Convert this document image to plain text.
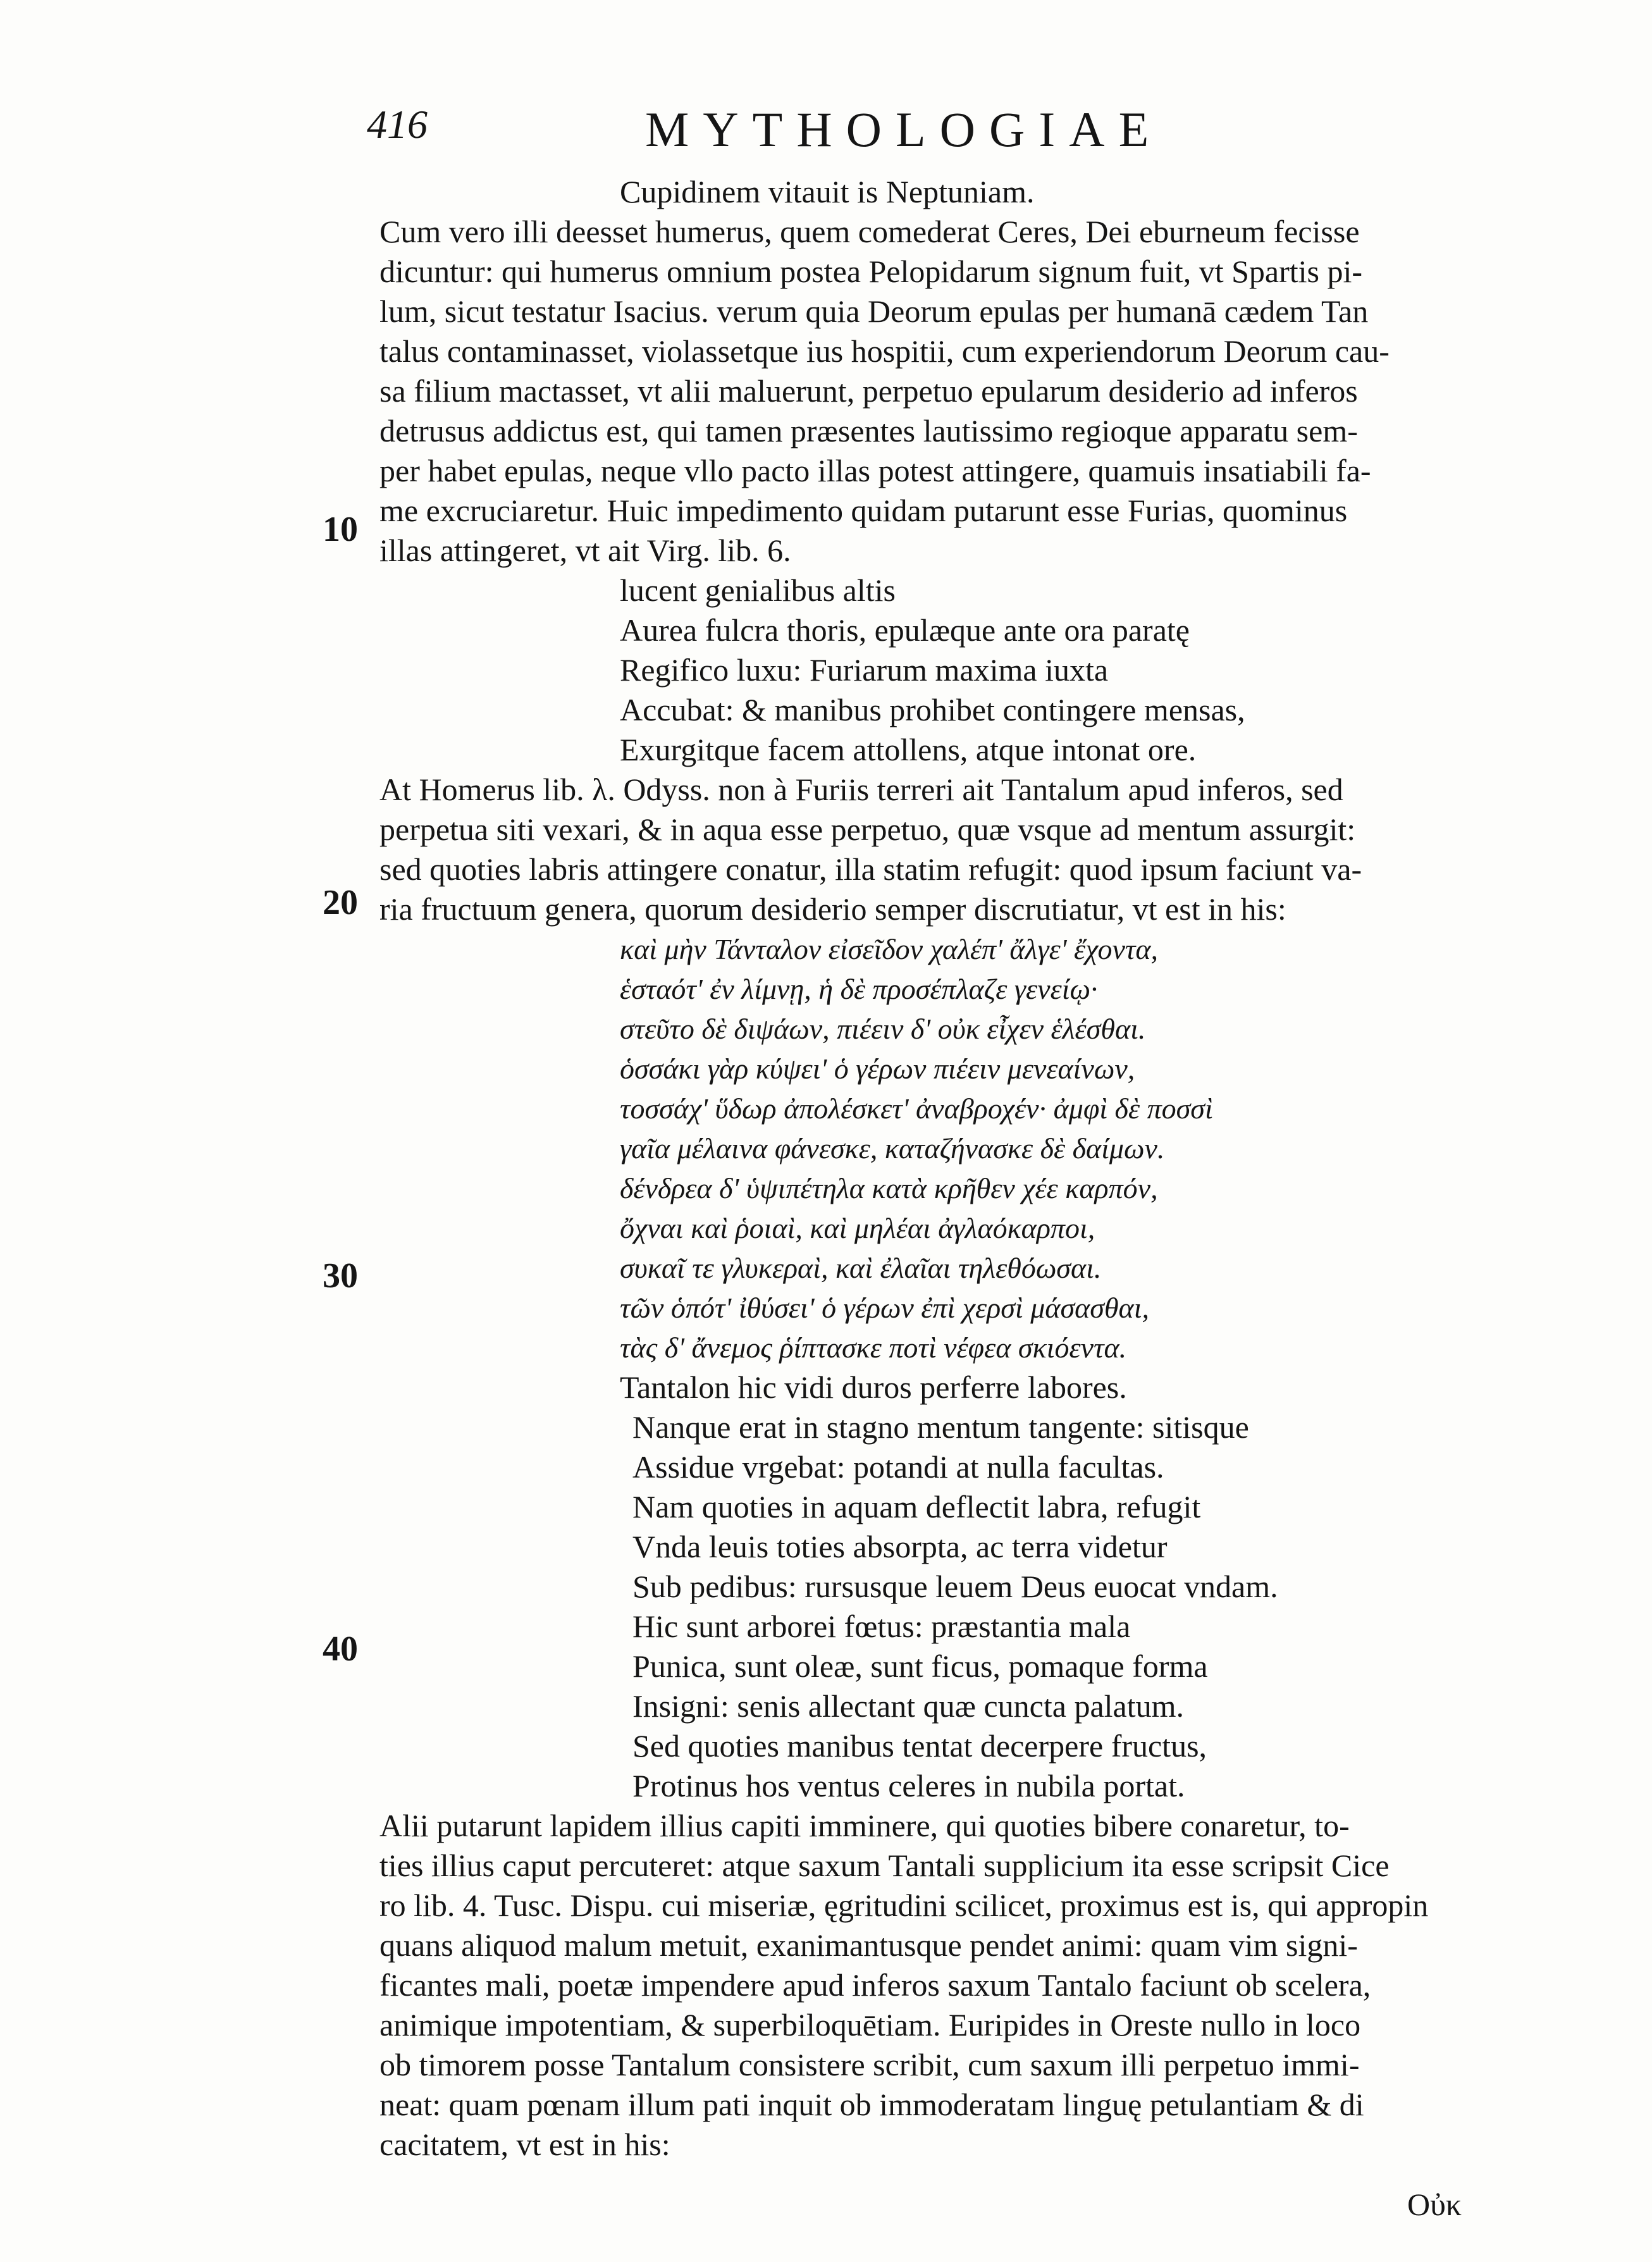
416	MYTHOLOGIAE
Cupidinem vitauit is Neptuniam.
Cum vero illi deesset humerus, quem comederat Ceres, Dei eburneum fecisse
dicuntur: qui humerus omnium postea Pelopidarum signum fuit, vt Spartis pi-
lum, sicut testatur Isacius. verum quia Deorum epulas per humanā cædem Tan
talus contaminasset, violassetque ius hospitii, cum experiendorum Deorum cau-
sa filium mactasset, vt alii maluerunt, perpetuo epularum desiderio ad inferos
detrusus addictus est, qui tamen præsentes lautissimo regioque apparatu sem-
per habet epulas, neque vllo pacto illas potest attingere, quamuis insatiabili fa-
me excruciaretur. Huic impedimento quidam putarunt esse Furias, quominus
illas attingeret, vt ait Virg. lib. 6.
lucent genialibus altis
Aurea fulcra thoris, epulæque ante ora paratę
Regifico luxu: Furiarum maxima iuxta
Accubat: & manibus prohibet contingere mensas,
Exurgitque facem attollens, atque intonat ore.
At Homerus lib. λ. Odyss. non à Furiis terreri ait Tantalum apud inferos, sed
perpetua siti vexari, & in aqua esse perpetuo, quæ vsque ad mentum assurgit:
sed quoties labris attingere conatur, illa statim refugit: quod ipsum faciunt va-
ria fructuum genera, quorum desiderio semper discrutiatur, vt est in his:
καὶ μὴν Τάνταλον εἰσεῖδον χαλέπ' ἄλγε' ἔχοντα,
ἑσταότ' ἐν λίμνῃ, ἡ δὲ προσέπλαζε γενείῳ·
στεῦτο δὲ διψάων, πιέειν δ' οὐκ εἶχεν ἑλέσθαι.
ὁσσάκι γὰρ κύψει' ὁ γέρων πιέειν μενεαίνων,
τοσσάχ' ὕδωρ ἀπολέσκετ' ἀναβροχέν· ἀμφὶ δὲ ποσσὶ
γαῖα μέλαινα φάνεσκε, καταζήνασκε δὲ δαίμων.
δένδρεα δ' ὑψιπέτηλα κατὰ κρῆθεν χέε καρπόν,
ὄχναι καὶ ῥοιαὶ, καὶ μηλέαι ἀγλαόκαρποι,
συκαῖ τε γλυκεραὶ, καὶ ἐλαῖαι τηλεθόωσαι.
τῶν ὁπότ' ἰθύσει' ὁ γέρων ἐπὶ χερσὶ μάσασθαι,
τὰς δ' ἄνεμος ῥίπτασκε ποτὶ νέφεα σκιόεντα.
Tantalon hic vidi duros perferre labores.
Nanque erat in stagno mentum tangente: sitisque
Assidue vrgebat: potandi at nulla facultas.
Nam quoties in aquam deflectit labra, refugit
Vnda leuis toties absorpta, ac terra videtur
Sub pedibus: rursusque leuem Deus euocat vndam.
Hic sunt arborei fœtus: præstantia mala
Punica, sunt oleæ, sunt ficus, pomaque forma
Insigni: senis allectant quæ cuncta palatum.
Sed quoties manibus tentat decerpere fructus,
Protinus hos ventus celeres in nubila portat.
Alii putarunt lapidem illius capiti imminere, qui quoties bibere conaretur, to-
ties illius caput percuteret: atque saxum Tantali supplicium ita esse scripsit Cice
ro lib. 4. Tusc. Dispu. cui miseriæ, ęgritudini scilicet, proximus est is, qui appropin
quans aliquod malum metuit, exanimantusque pendet animi: quam vim signi-
ficantes mali, poetæ impendere apud inferos saxum Tantalo faciunt ob scelera,
animique impotentiam, & superbiloquētiam. Euripides in Oreste nullo in loco
ob timorem posse Tantalum consistere scribit, cum saxum illi perpetuo immi-
neat: quam pœnam illum pati inquit ob immoderatam linguę petulantiam & di
cacitatem, vt est in his:
10
20
30
40
Οὐκ
